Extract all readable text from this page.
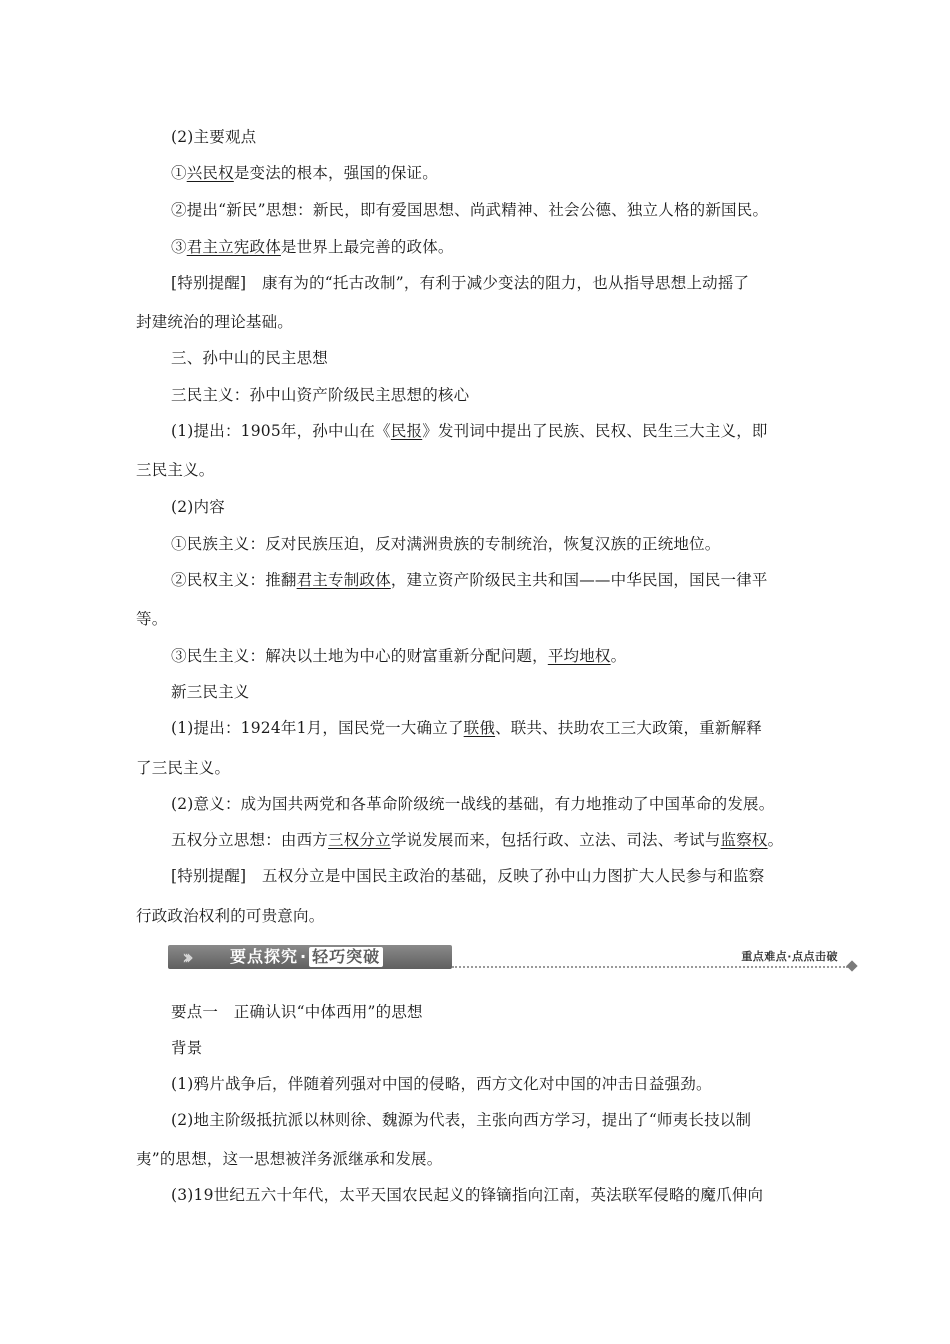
(2)主要观点
①兴民权是变法的根本，强国的保证。
②提出“新民”思想：新民，即有爱国思想、尚武精神、社会公德、独立人格的新国民。
③君主立宪政体是世界上最完善的政体。
[特别提醒]　康有为的“托古改制”，有利于减少变法的阻力，也从指导思想上动摇了
封建统治的理论基础。
三、孙中山的民主思想
三民主义：孙中山资产阶级民主思想的核心
(1)提出：1905年，孙中山在《民报》发刊词中提出了民族、民权、民生三大主义，即
三民主义。
(2)内容
①民族主义：反对民族压迫，反对满洲贵族的专制统治，恢复汉族的正统地位。
②民权主义：推翻君主专制政体，建立资产阶级民主共和国——中华民国，国民一律平
等。
③民生主义：解决以土地为中心的财富重新分配问题，平均地权。
新三民主义
(1)提出：1924年1月，国民党一大确立了联俄、联共、扶助农工三大政策，重新解释
了三民主义。
(2)意义：成为国共两党和各革命阶级统一战线的基础，有力地推动了中国革命的发展。
五权分立思想：由西方三权分立学说发展而来，包括行政、立法、司法、考试与监察权。
[特别提醒]　五权分立是中国民主政治的基础，反映了孙中山力图扩大人民参与和监察
行政政治权利的可贵意向。
›››	要点探究 · 轻巧突破	重点难点·点点击破
要点一　正确认识“中体西用”的思想
背景
(1)鸦片战争后，伴随着列强对中国的侵略，西方文化对中国的冲击日益强劲。
(2)地主阶级抵抗派以林则徐、魏源为代表，主张向西方学习，提出了“师夷长技以制
夷”的思想，这一思想被洋务派继承和发展。
(3)19世纪五六十年代，太平天国农民起义的锋镝指向江南，英法联军侵略的魔爪伸向
